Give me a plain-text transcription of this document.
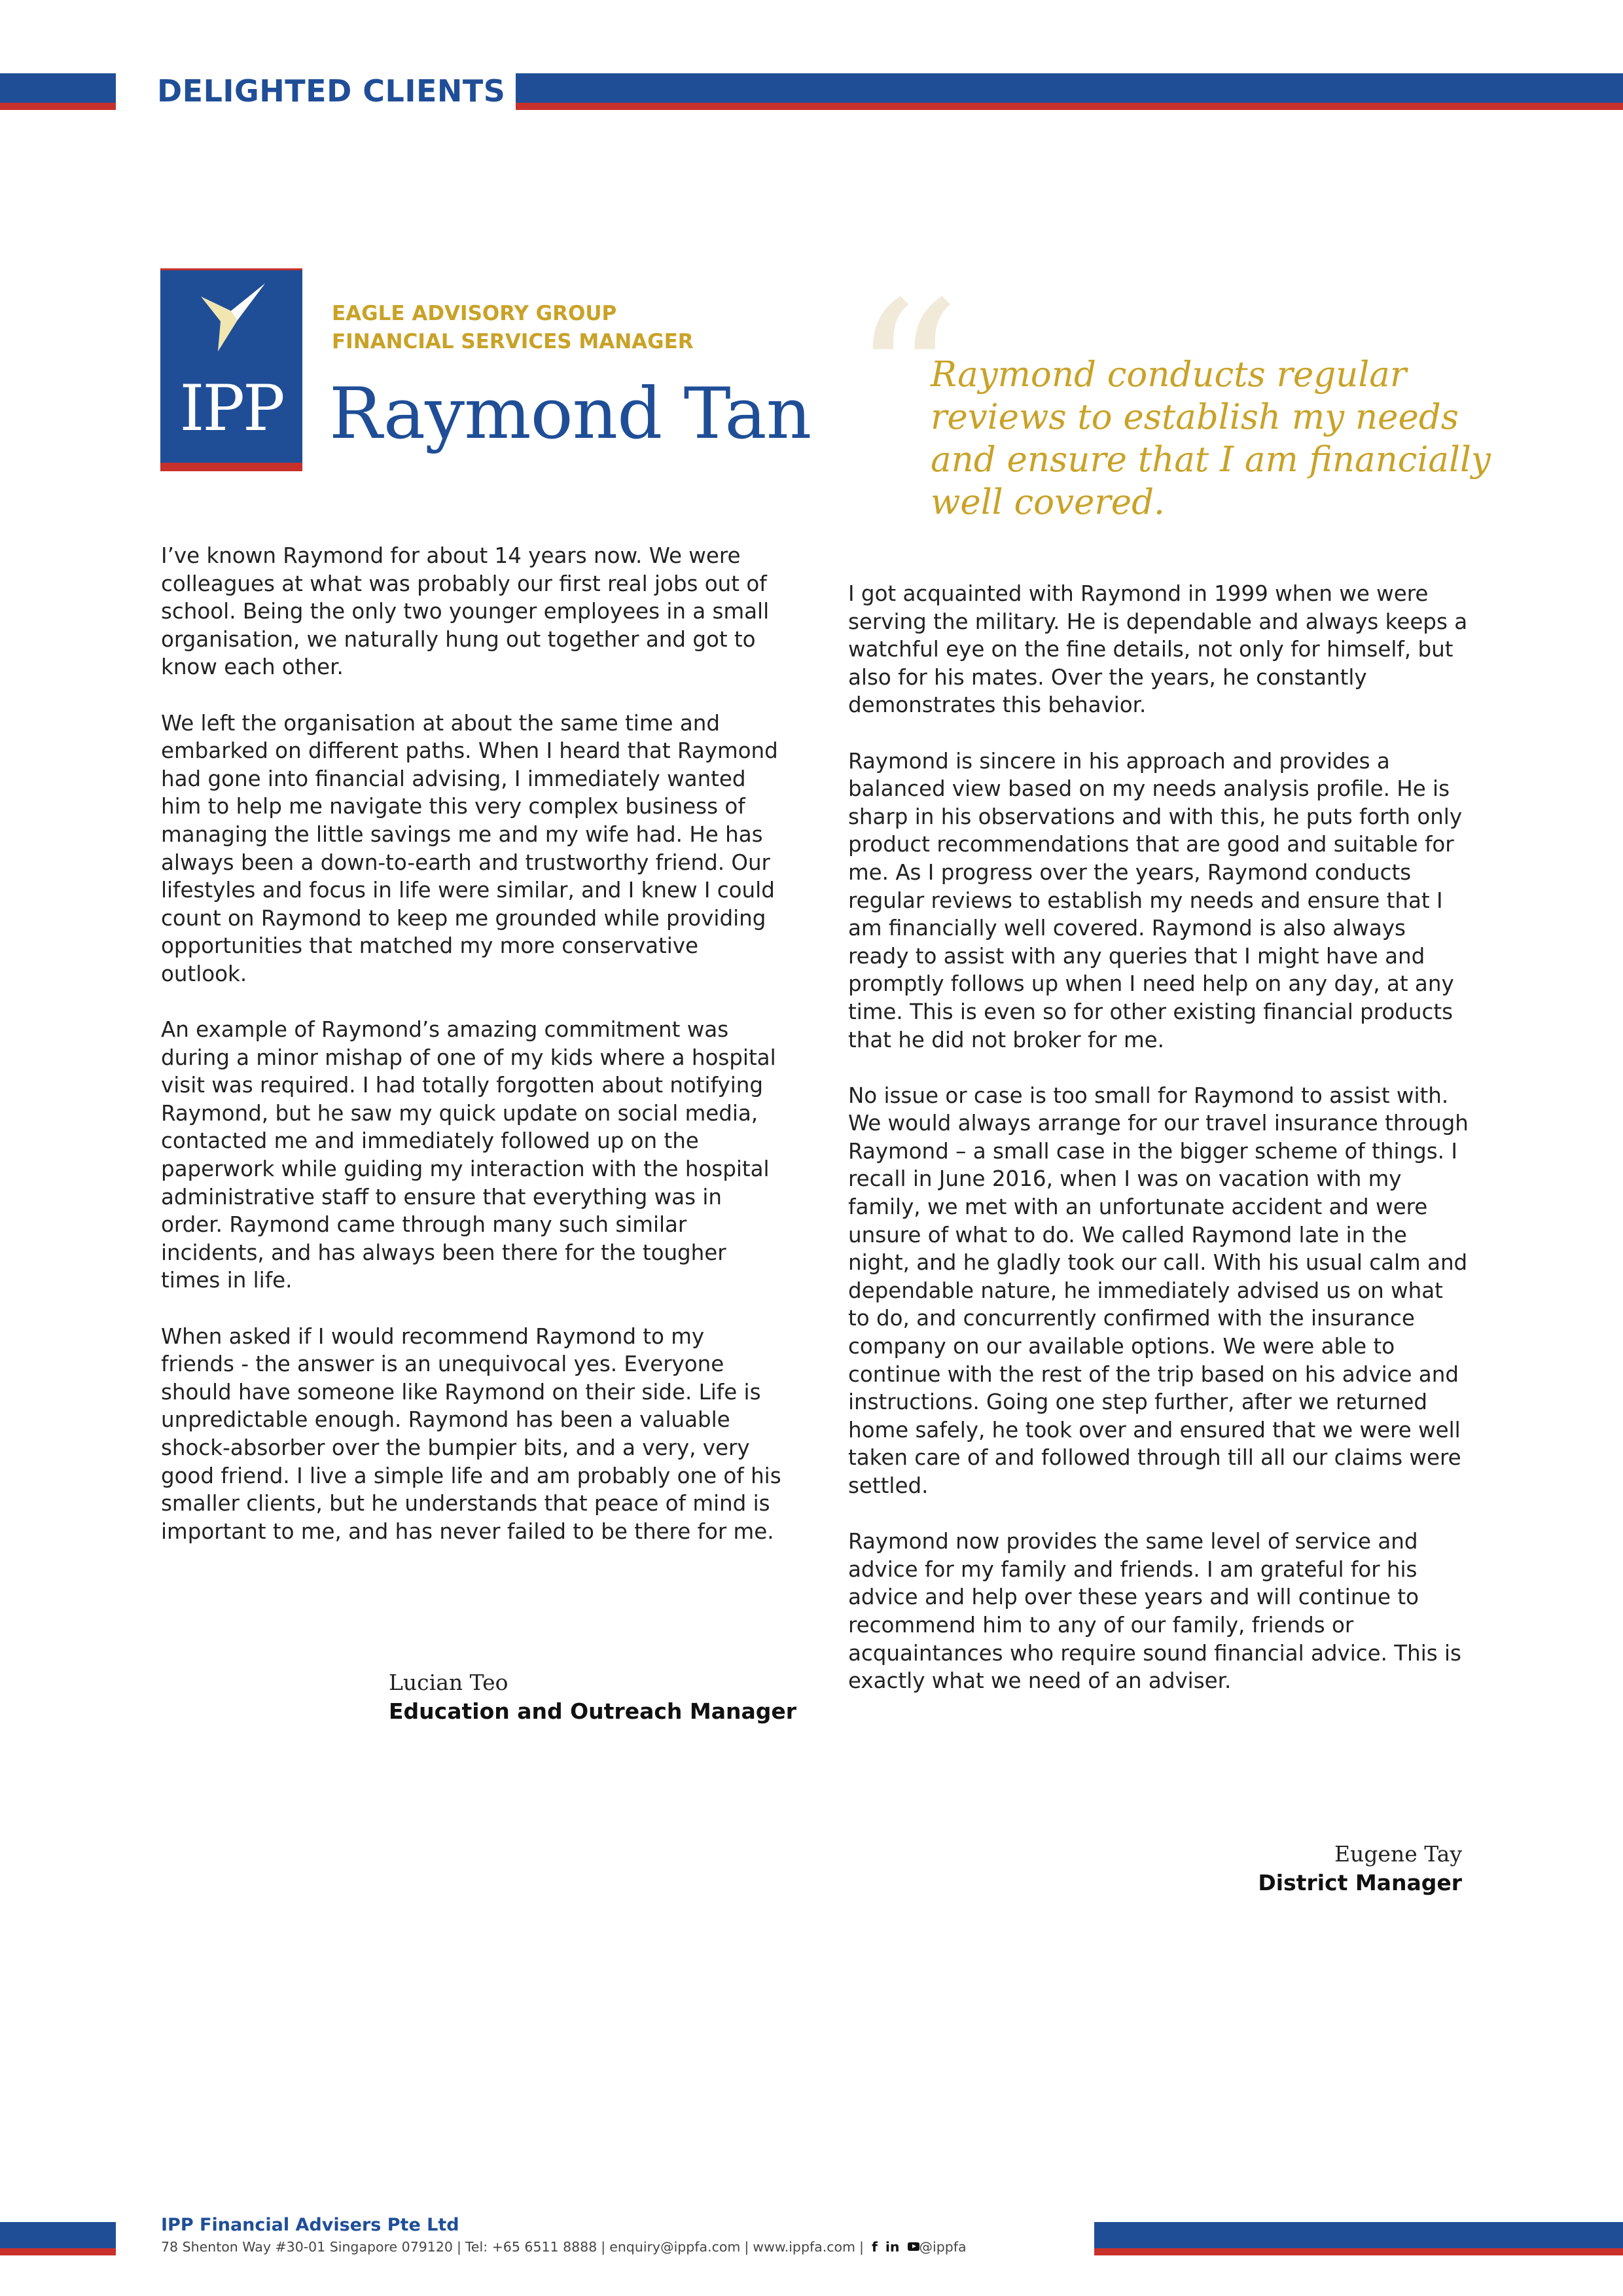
DELIGHTED CLIENTS
IPP
EAGLE ADVISORY GROUP
FINANCIAL SERVICES MANAGER
Raymond Tan “
Raymond conducts regular reviews to establish my needs and ensure that I am financially well covered.

I’ve known Raymond for about 14 years now. We were colleagues at what was probably our first real jobs out of school. Being the only two younger employees in a small organisation, we naturally hung out together and got to know each other.

We left the organisation at about the same time and embarked on different paths. When I heard that Raymond had gone into financial advising, I immediately wanted him to help me navigate this very complex business of managing the little savings me and my wife had. He has always been a down-to-earth and trustworthy friend. Our lifestyles and focus in life were similar, and I knew I could count on Raymond to keep me grounded while providing opportunities that matched my more conservative outlook.

An example of Raymond’s amazing commitment was during a minor mishap of one of my kids where a hospital visit was required. I had totally forgotten about notifying Raymond, but he saw my quick update on social media, contacted me and immediately followed up on the paperwork while guiding my interaction with the hospital administrative staff to ensure that everything was in order. Raymond came through many such similar incidents, and has always been there for the tougher times in life.

When asked if I would recommend Raymond to my friends - the answer is an unequivocal yes. Everyone should have someone like Raymond on their side. Life is unpredictable enough. Raymond has been a valuable shock-absorber over the bumpier bits, and a very, very good friend. I live a simple life and am probably one of his smaller clients, but he understands that peace of mind is important to me, and has never failed to be there for me.

Lucian Teo
Education and Outreach Manager

I got acquainted with Raymond in 1999 when we were serving the military. He is dependable and always keeps a watchful eye on the fine details, not only for himself, but also for his mates. Over the years, he constantly demonstrates this behavior.

Raymond is sincere in his approach and provides a balanced view based on my needs analysis profile. He is sharp in his observations and with this, he puts forth only product recommendations that are good and suitable for me. As I progress over the years, Raymond conducts regular reviews to establish my needs and ensure that I am financially well covered. Raymond is also always ready to assist with any queries that I might have and promptly follows up when I need help on any day, at any time. This is even so for other existing financial products that he did not broker for me.

No issue or case is too small for Raymond to assist with. We would always arrange for our travel insurance through Raymond – a small case in the bigger scheme of things. I recall in June 2016, when I was on vacation with my family, we met with an unfortunate accident and were unsure of what to do. We called Raymond late in the night, and he gladly took our call. With his usual calm and dependable nature, he immediately advised us on what to do, and concurrently confirmed with the insurance company on our available options. We were able to continue with the rest of the trip based on his advice and instructions. Going one step further, after we returned home safely, he took over and ensured that we were well taken care of and followed through till all our claims were settled.

Raymond now provides the same level of service and advice for my family and friends. I am grateful for his advice and help over these years and will continue to recommend him to any of our family, friends or acquaintances who require sound financial advice. This is exactly what we need of an adviser.

Eugene Tay
District Manager
IPP Financial Advisers Pte Ltd
78 Shenton Way #30-01 Singapore 079120 | Tel: +65 6511 8888 | enquiry@ippfa.com | www.ippfa.com | f in @ippfa
